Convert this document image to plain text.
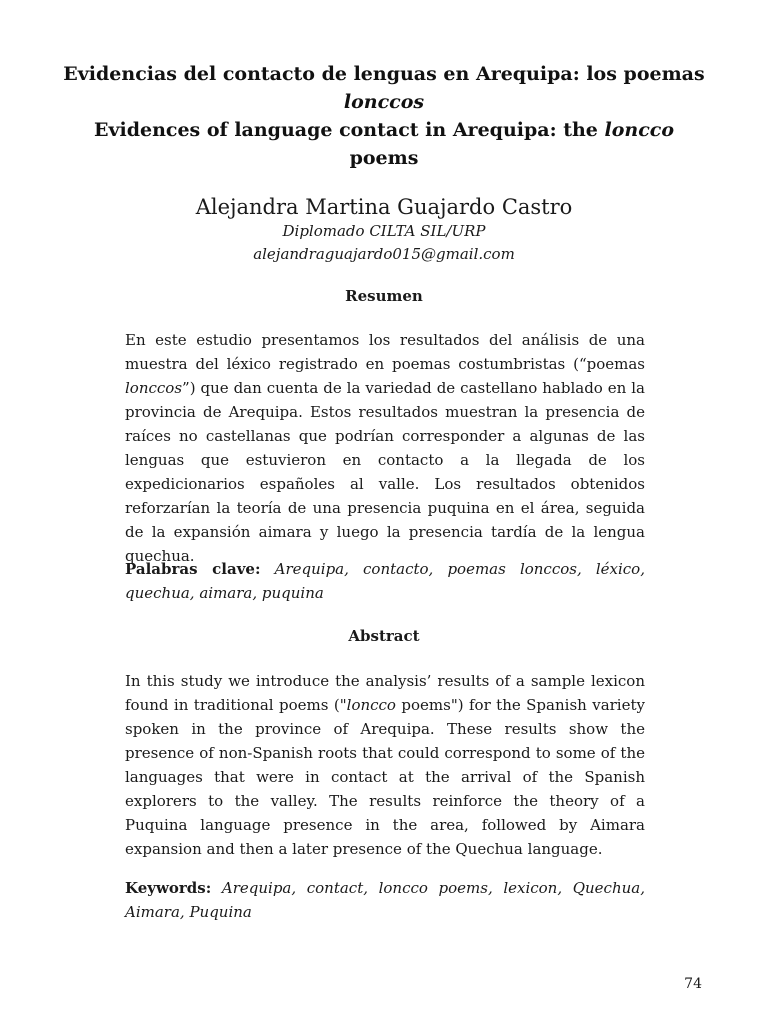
Evidencias del contacto de lenguas en Arequipa: los poemas
lonccos
Evidences of language contact in Arequipa: the loncco
poems
Alejandra Martina Guajardo Castro
Diplomado CILTA SIL/URP
alejandraguajardo015@gmail.com
Resumen

En este estudio presentamos los resultados del análisis de una muestra del léxico registrado en poemas costumbristas (“poemas lonccos”) que dan cuenta de la variedad de castellano hablado en la provincia de Arequipa. Estos resultados muestran la presencia de raíces no castellanas que podrían corresponder a algunas de las lenguas que estuvieron en contacto a la llegada de los expedicionarios españoles al valle. Los resultados obtenidos reforzarían la teoría de una presencia puquina en el área, seguida de la expansión aimara y luego la presencia tardía de la lengua quechua.

Palabras clave: Arequipa, contacto, poemas lonccos, léxico, quechua, aimara, puquina

Abstract

In this study we introduce the analysis’ results of a sample lexicon found in traditional poems ("loncco poems") for the Spanish variety spoken in the province of Arequipa. These results show the presence of non-Spanish roots that could correspond to some of the languages that were in contact at the arrival of the Spanish explorers to the valley. The results reinforce the theory of a Puquina language presence in the area, followed by Aimara expansion and then a later presence of the Quechua language.

Keywords: Arequipa, contact, loncco poems, lexicon, Quechua, Aimara, Puquina

74
